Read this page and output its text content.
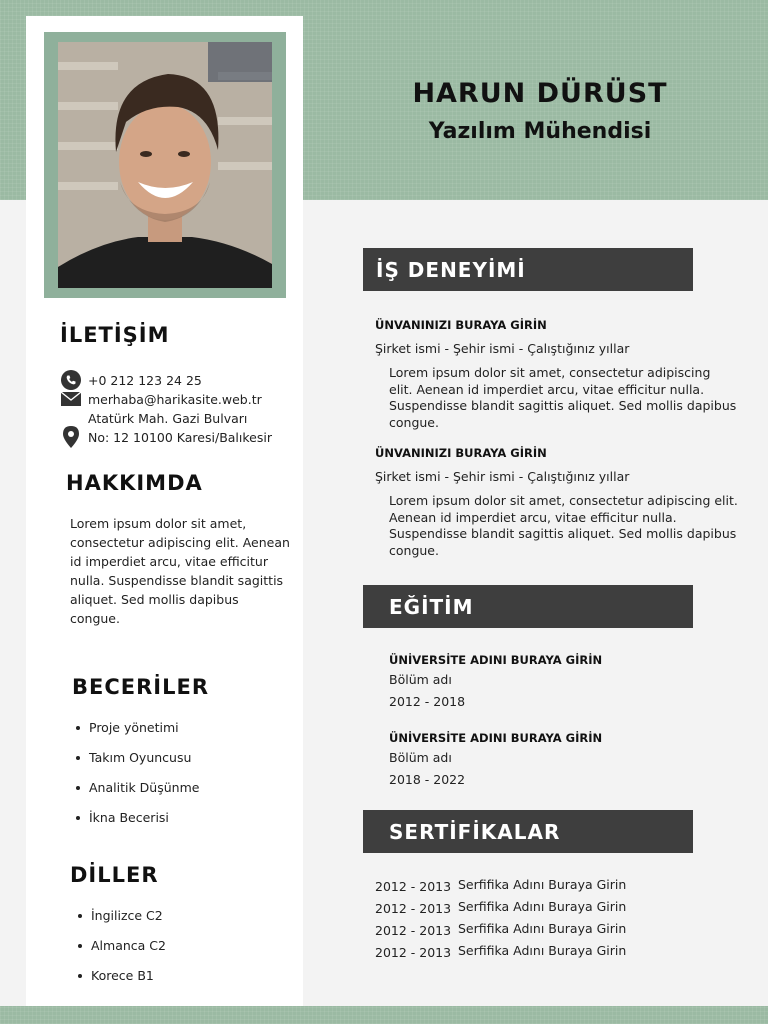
HARUN DÜRÜST
Yazılım Mühendisi
İLETİŞİM
+0 212 123 24 25
merhaba@harikasite.web.tr
Atatürk Mah. Gazi Bulvarı
No: 12 10100 Karesi/Balıkesir
HAKKIMDA
Lorem ipsum dolor sit amet, consectetur adipiscing elit. Aenean id imperdiet arcu, vitae efficitur nulla. Suspendisse blandit sagittis aliquet. Sed mollis dapibus congue.
BECERİLER
Proje yönetimi
Takım Oyuncusu
Analitik Düşünme
İkna Becerisi
DİLLER
İngilizce C2
Almanca C2
Korece B1
İŞ DENEYİMİ
ÜNVANINIZI BURAYA GİRİN
Şirket ismi - Şehir ismi - Çalıştığınız yıllar
Lorem ipsum dolor sit amet, consectetur adipiscing
elit. Aenean id imperdiet arcu, vitae efficitur nulla.
Suspendisse blandit sagittis aliquet. Sed mollis dapibus
congue.
ÜNVANINIZI BURAYA GİRİN
Şirket ismi - Şehir ismi - Çalıştığınız yıllar
Lorem ipsum dolor sit amet, consectetur adipiscing elit.
Aenean id imperdiet arcu, vitae efficitur nulla.
Suspendisse blandit sagittis aliquet. Sed mollis dapibus
congue.
EĞİTİM
ÜNİVERSİTE ADINI BURAYA GİRİN
Bölüm adı
2012 - 2018
ÜNİVERSİTE ADINI BURAYA GİRİN
Bölüm adı
2018 - 2022
SERTİFİKALAR
2012 - 2013 Serfifika Adını Buraya Girin
2012 - 2013 Serfifika Adını Buraya Girin
2012 - 2013 Serfifika Adını Buraya Girin
2012 - 2013 Serfifika Adını Buraya Girin
